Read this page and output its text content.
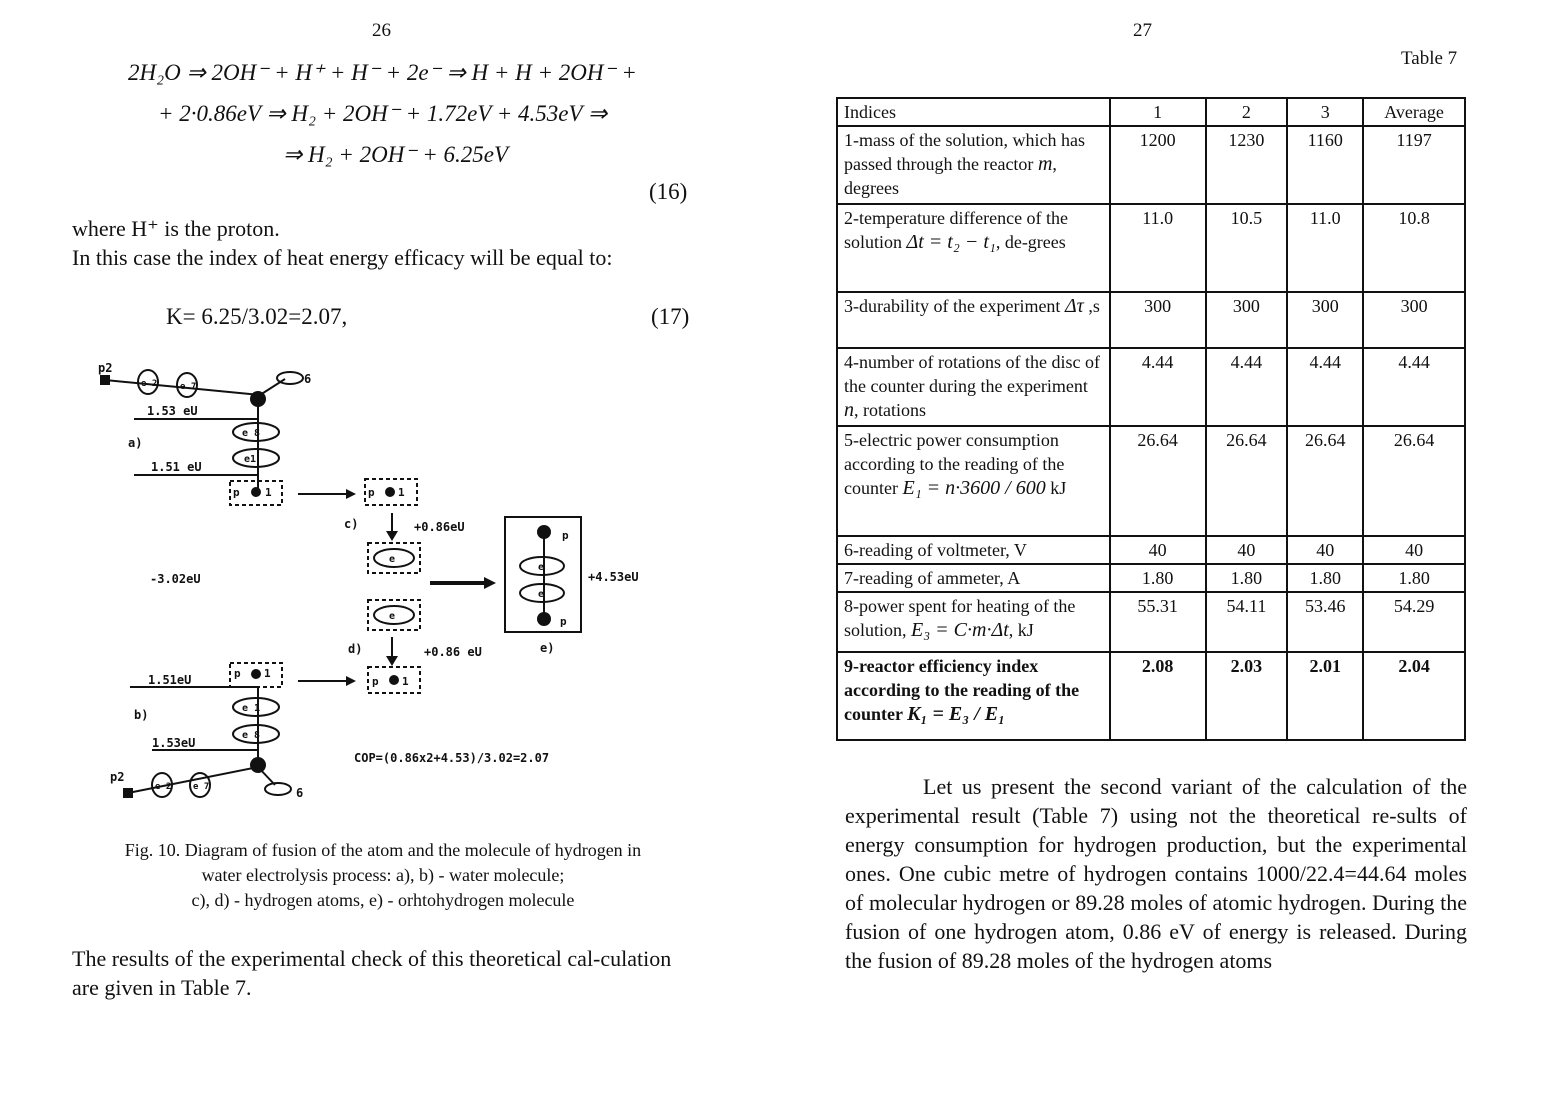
26
2H₂O ⇒ 2OH⁻ + H⁺ + H⁻ + 2e⁻ ⇒ H + H + 2OH⁻ +
+ 2·0.86eV ⇒ H₂ + 2OH⁻ + 1.72eV + 4.53eV ⇒
⇒ H₂ + 2OH⁻ + 6.25eV
(16)
where H⁺ is the proton.
In this case the index of heat energy efficacy will be equal to:
K= 6.25/3.02=2.07,	(17)
p2
e 2	e 7
6
1.53 eU
a)
e 8
1.51 eU
e1
p 1	p 1
c)	+0.86eU
e
-3.02eU	+4.53eU
p
e
e
p
e
d)	+0.86 eU	e)
1.51eU	p 1
p 1
b)	e 1
e 8
1.53eU
COP=(0.86x2+4.53)/3.02=2.07
p2
e 2 e 7	6
Fig. 10. Diagram of fusion of the atom and the molecule of hydrogen in
water electrolysis process: a), b) - water molecule;
c), d) - hydrogen atoms, e) - orhtohydrogen molecule
The results of the experimental check of this theoretical cal-culation are given in Table 7.
27
Table 7
Indices	1	2	3	Average
1-mass of the solution, which has passed through the reactor m, degrees	1200	1230	1160	1197
2-temperature difference of the solution Δt = t₂ − t₁, de-grees	11.0	10.5	11.0	10.8
3-durability of the experiment Δτ ,s	300	300	300	300
4-number of rotations of the disc of the counter during the experiment n, rotations	4.44	4.44	4.44	4.44
5-electric power consumption according to the reading of the counter E₁ = n·3600 / 600 kJ	26.64	26.64	26.64	26.64
6-reading of voltmeter, V	40	40	40	40
7-reading of ammeter, A	1.80	1.80	1.80	1.80
8-power spent for heating of the solution, E₃ = C·m·Δt, kJ	55.31	54.11	53.46	54.29
9-reactor efficiency index according to the reading of the counter K₁ = E₃ / E₁	2.08	2.03	2.01	2.04
Let us present the second variant of the calculation of the experimental result (Table 7) using not the theoretical re-sults of energy consumption for hydrogen production, but the experimental ones. One cubic metre of hydrogen contains 1000/22.4=44.64 moles of molecular hydrogen or 89.28 moles of atomic hydrogen. During the fusion of one hydrogen atom, 0.86 eV of energy is released. During the fusion of 89.28 moles of the hydrogen atoms
